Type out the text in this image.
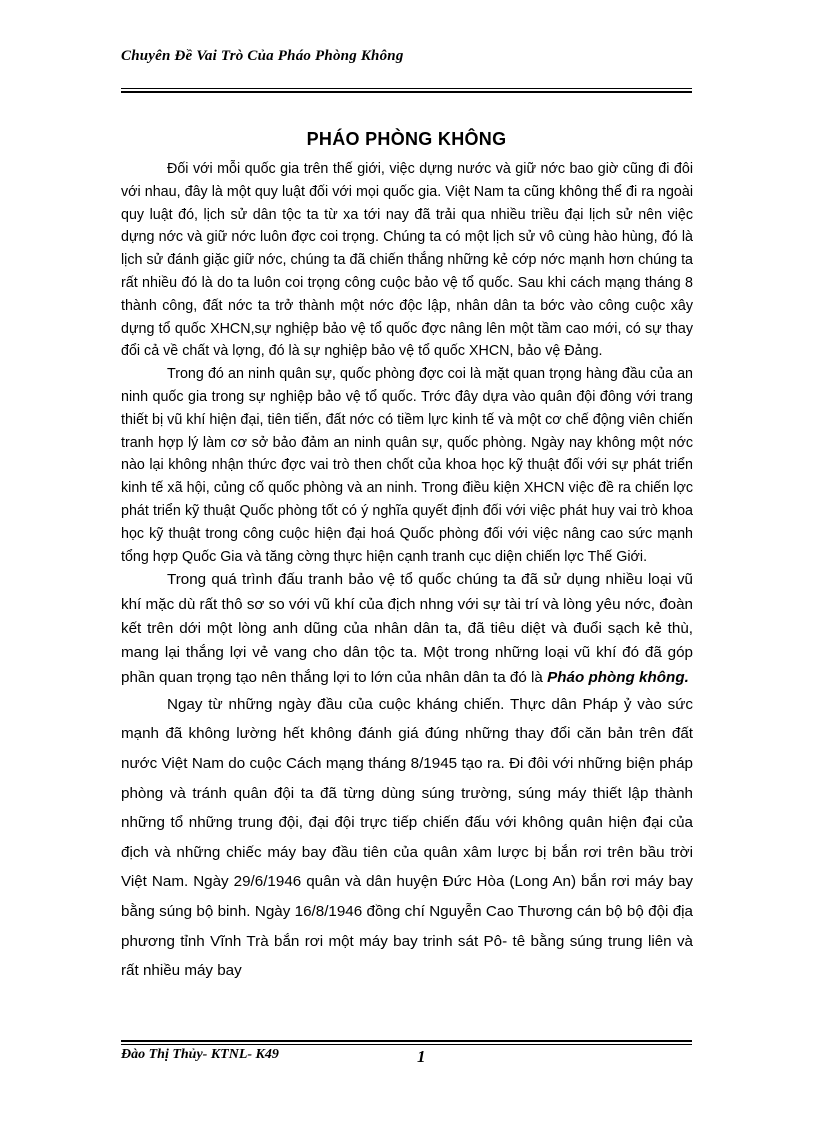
Chuyên Đề Vai Trò Của Pháo Phòng Không
PHÁO PHÒNG KHÔNG

Đối với mỗi quốc gia trên thế giới, việc dựng nước và giữ nớc bao giờ cũng đi đôi với nhau, đây là một quy luật đối với mọi quốc gia. Việt Nam ta cũng không thể đi ra ngoài quy luật đó, lịch sử dân tộc ta từ xa tới nay đã trải qua nhiều triều đại lịch sử nên việc dựng nớc và giữ nớc luôn đợc coi trọng. Chúng ta có một lịch sử vô cùng hào hùng, đó là lịch sử đánh giặc giữ nớc, chúng ta đã chiến thắng những kẻ cớp nớc mạnh hơn chúng ta rất nhiều đó là do ta luôn coi trọng công cuộc bảo vệ tổ quốc. Sau khi cách mạng tháng 8 thành công, đất nớc ta trở thành một nớc độc lập, nhân dân ta bớc vào công cuộc xây dựng tổ quốc XHCN,sự nghiệp bảo vệ tổ quốc đợc nâng lên một tầm cao mới, có sự thay đổi cả về chất và lợng, đó là sự nghiệp bảo vệ tổ quốc XHCN, bảo vệ Đảng.

Trong đó an ninh quân sự, quốc phòng đợc coi là mặt quan trọng hàng đầu của an ninh quốc gia trong sự nghiệp bảo vệ tổ quốc. Trớc đây dựa vào quân đội đông với trang thiết bị vũ khí hiện đại, tiên tiến, đất nớc có tiềm lực kinh tế và một cơ chế động viên chiến tranh hợp lý làm cơ sở bảo đảm an ninh quân sự, quốc phòng. Ngày nay không một nớc nào lại không nhận thức đợc vai trò then chốt của khoa học kỹ thuật đối với sự phát triển kinh tế xã hội, củng cố quốc phòng và an ninh. Trong điều kiện XHCN việc đề ra chiến lợc phát triển kỹ thuật Quốc phòng tốt có ý nghĩa quyết định đối với việc phát huy vai trò khoa học kỹ thuật trong công cuộc hiện đại hoá Quốc phòng đối với việc nâng cao sức mạnh tổng hợp Quốc Gia và tăng cờng thực hiện cạnh tranh cục diện chiến lợc Thế Giới.

Trong quá trình đấu tranh bảo vệ tổ quốc chúng ta đã sử dụng nhiều loại vũ khí mặc dù rất thô sơ so với vũ khí của địch nhng với sự tài trí và lòng yêu nớc, đoàn kết trên dới một lòng anh dũng của nhân dân ta, đã tiêu diệt và đuổi sạch kẻ thù, mang lại thắng lợi vẻ vang cho dân tộc ta. Một trong những loại vũ khí đó đã góp phần quan trọng tạo nên thắng lợi to lớn của nhân dân ta đó là Pháo phòng không.

Ngay từ những ngày đầu của cuộc kháng chiến. Thực dân Pháp ỷ vào sức mạnh đã không lường hết không đánh giá đúng những thay đổi căn bản trên đất nước Việt Nam do cuộc Cách mạng tháng 8/1945 tạo ra. Đi đôi với những biện pháp phòng và tránh quân đội ta đã từng dùng súng trường, súng máy thiết lập thành những tổ những trung đội, đại đội trực tiếp chiến đấu với không quân hiện đại của địch và những chiếc máy bay đầu tiên của quân xâm lược bị bắn rơi trên bầu trời Việt Nam. Ngày 29/6/1946 quân và dân huyện Đức Hòa (Long An) bắn rơi máy bay bằng súng bộ binh. Ngày 16/8/1946 đồng chí Nguyễn Cao Thương cán bộ bộ đội địa phương tỉnh Vĩnh Trà bắn rơi một máy bay trinh sát Pô- tê bằng súng trung liên và rất nhiều máy bay

Đào Thị Thủy- KTNL- K49	1
